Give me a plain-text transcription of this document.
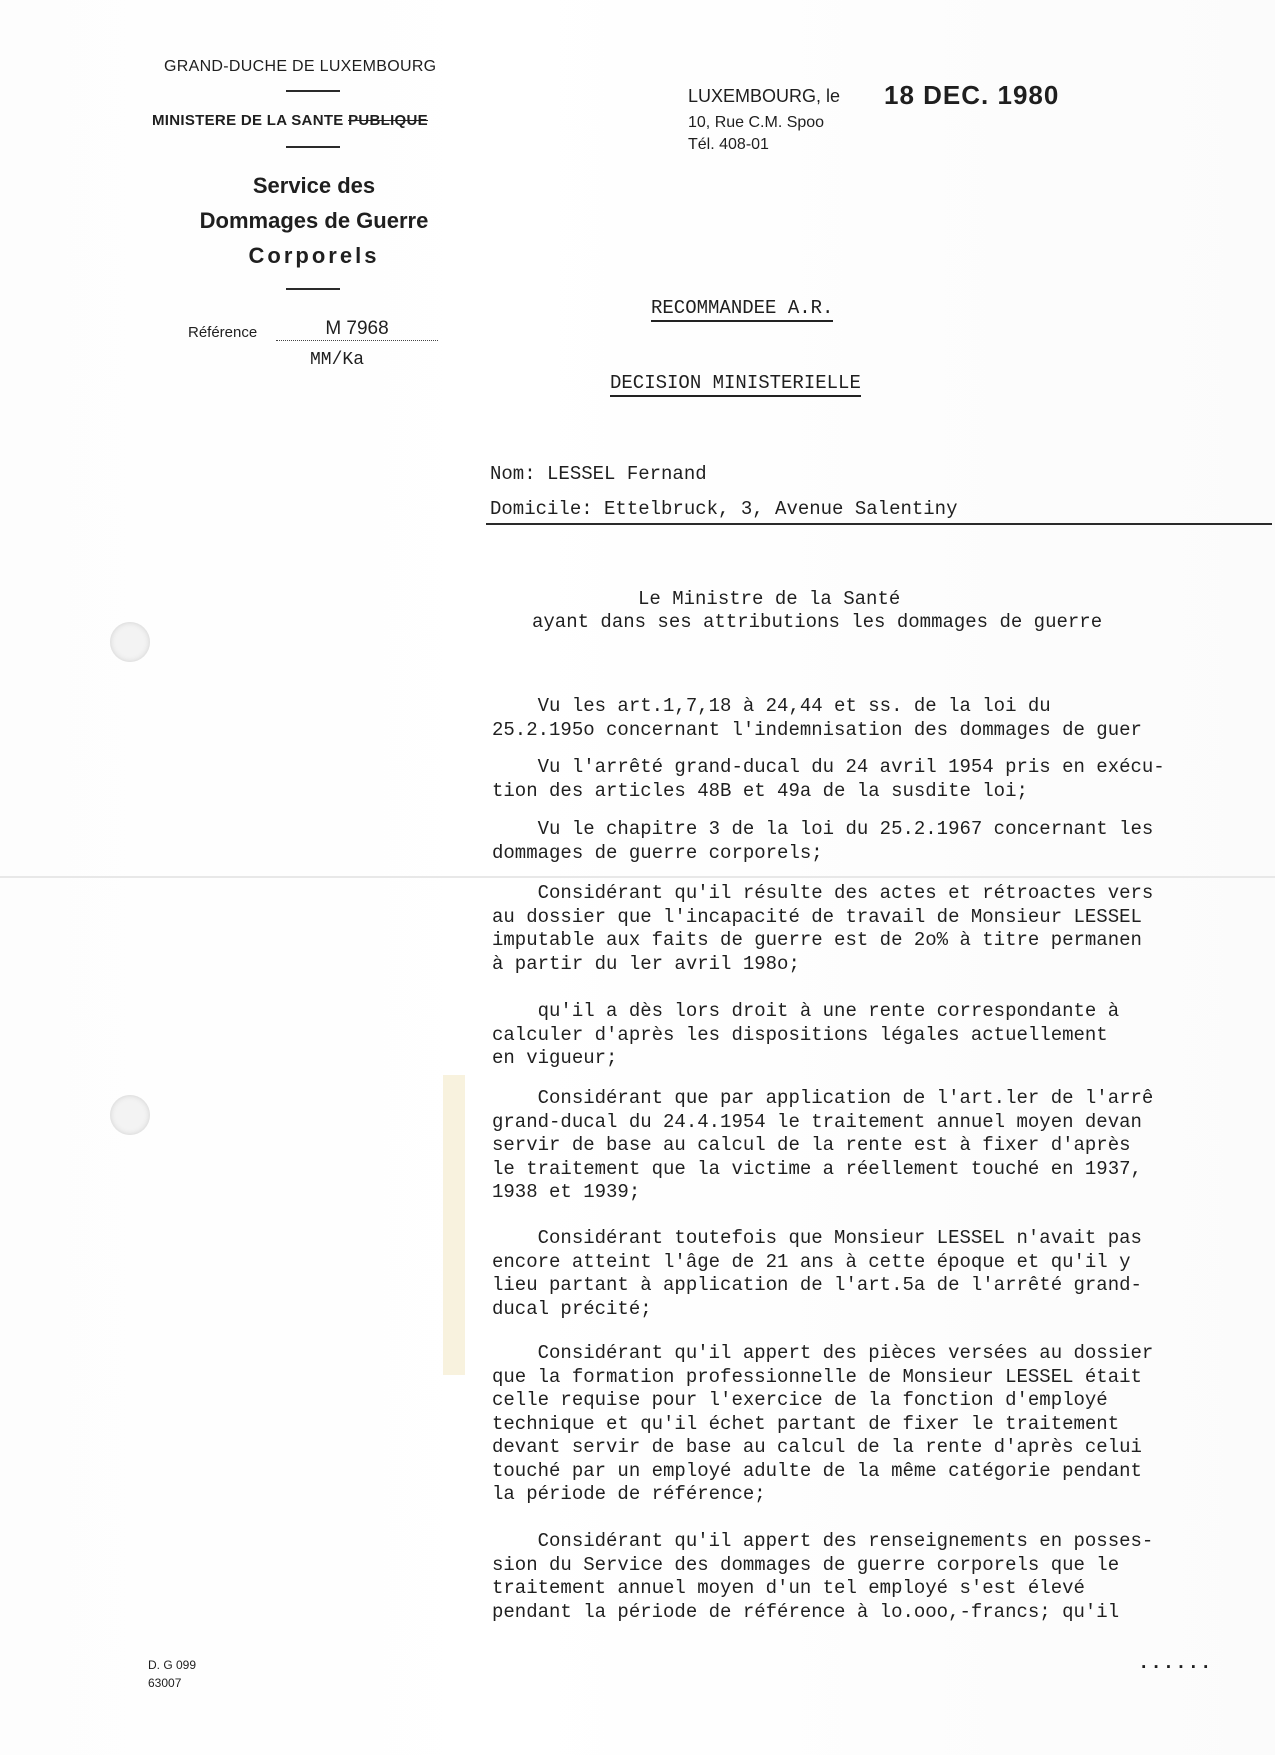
GRAND-DUCHE DE LUXEMBOURG
MINISTERE DE LA SANTE PUBLIQUE
Service des
Dommages de Guerre
Corporels
Référence	M 7968
MM/Ka
LUXEMBOURG, le 18 DEC. 1980
10, Rue C.M. Spoo
Tél. 408-01
RECOMMANDEE A.R.
DECISION MINISTERIELLE
Nom: LESSEL Fernand
Domicile: Ettelbruck, 3, Avenue Salentiny
Le Ministre de la Santé
ayant dans ses attributions les dommages de guerre
Vu les art.1,7,18 à 24,44 et ss. de la loi du
25.2.195o concernant l'indemnisation des dommages de guer
Vu l'arrêté grand-ducal du 24 avril 1954 pris en exécu-
tion des articles 48B et 49a de la susdite loi;
Vu le chapitre 3 de la loi du 25.2.1967 concernant les
dommages de guerre corporels;
Considérant qu'il résulte des actes et rétroactes vers
au dossier que l'incapacité de travail de Monsieur LESSEL
imputable aux faits de guerre est de 2o% à titre permanen
à partir du ler avril 198o;
qu'il a dès lors droit à une rente correspondante à
calculer d'après les dispositions légales actuellement
en vigueur;
Considérant que par application de l'art.ler de l'arrê
grand-ducal du 24.4.1954 le traitement annuel moyen devan
servir de base au calcul de la rente est à fixer d'après
le traitement que la victime a réellement touché en 1937,
1938 et 1939;
Considérant toutefois que Monsieur LESSEL n'avait pas
encore atteint l'âge de 21 ans à cette époque et qu'il y
lieu partant à application de l'art.5a de l'arrêté grand-
ducal précité;
Considérant qu'il appert des pièces versées au dossier
que la formation professionnelle de Monsieur LESSEL était
celle requise pour l'exercice de la fonction d'employé
technique et qu'il échet partant de fixer le traitement
devant servir de base au calcul de la rente d'après celui
touché par un employé adulte de la même catégorie pendant
la période de référence;
Considérant qu'il appert des renseignements en posses-
sion du Service des dommages de guerre corporels que le
traitement annuel moyen d'un tel employé s'est élevé
pendant la période de référence à lo.ooo,-francs; qu'il
......
D. G 099
63007
